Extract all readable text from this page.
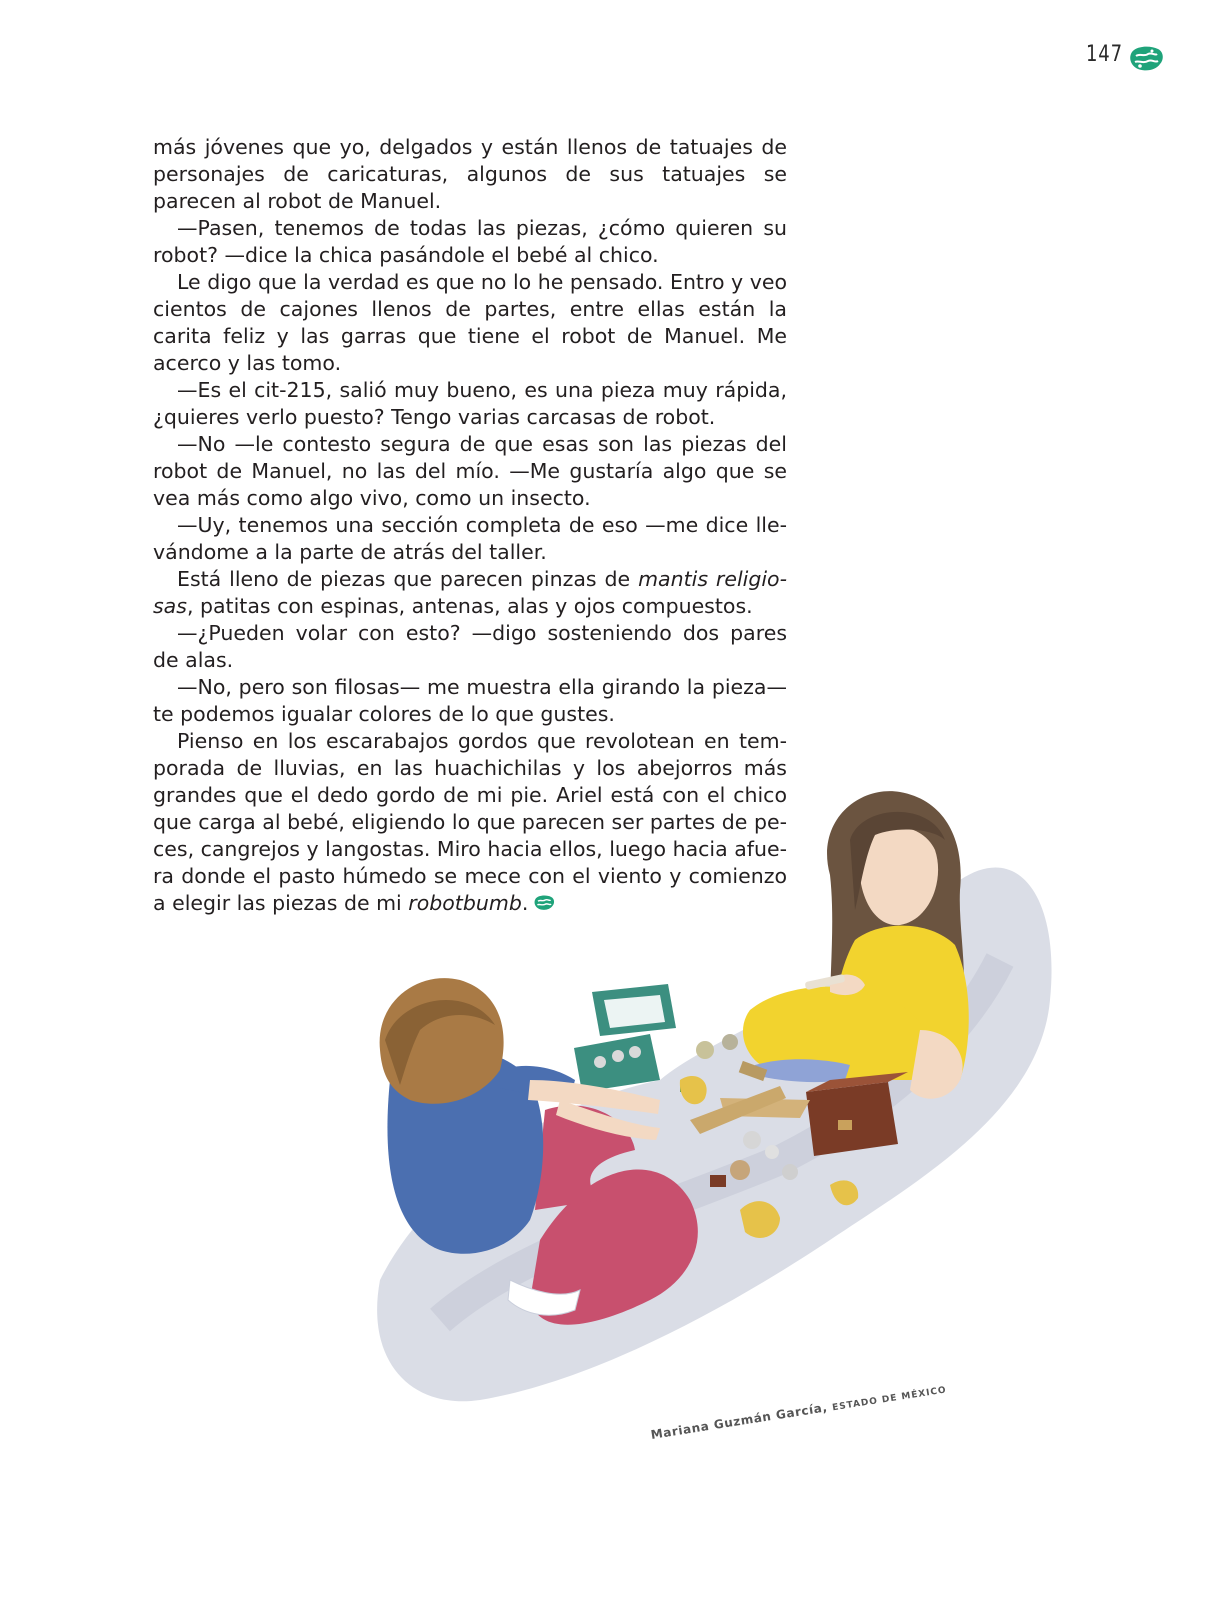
147

más jóvenes que yo, delgados y están llenos de tatuajes de personajes de caricaturas, algunos de sus tatuajes se parecen al robot de Manuel.

—Pasen, tenemos de todas las piezas, ¿cómo quieren su robot? —dice la chica pasándole el bebé al chico.

Le digo que la verdad es que no lo he pensado. Entro y veo cientos de cajones llenos de partes, entre ellas están la carita feliz y las garras que tiene el robot de Manuel. Me acerco y las tomo.

—Es el cit-215, salió muy bueno, es una pieza muy rápida, ¿quieres verlo puesto? Tengo varias carcasas de robot.

—No —le contesto segura de que esas son las piezas del robot de Manuel, no las del mío. —Me gustaría algo que se vea más como algo vivo, como un insecto.

—Uy, tenemos una sección completa de eso —me dice llevándome a la parte de atrás del taller.

Está lleno de piezas que parecen pinzas de mantis religiosas, patitas con espinas, antenas, alas y ojos compuestos.

—¿Pueden volar con esto? —digo sosteniendo dos pares de alas.

—No, pero son filosas— me muestra ella girando la pieza— te podemos igualar colores de lo que gustes.

Pienso en los escarabajos gordos que revolotean en temporada de lluvias, en las huachichilas y los abejorros más grandes que el dedo gordo de mi pie. Ariel está con el chico que carga al bebé, eligiendo lo que parecen ser partes de peces, cangrejos y langostas. Miro hacia ellos, luego hacia afuera donde el pasto húmedo se mece con el viento y comienzo a elegir las piezas de mi robotbumb.

Mariana Guzmán García, ESTADO DE MÉXICO
